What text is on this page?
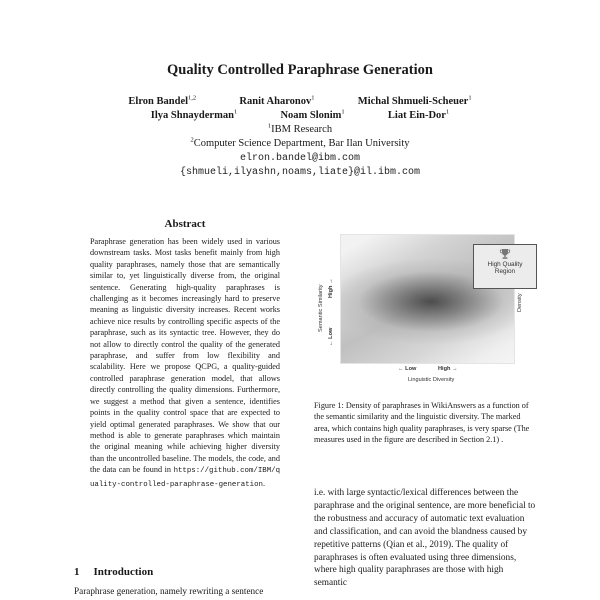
Quality Controlled Paraphrase Generation
Elron Bandel$^{1,2}$	Ranit Aharonov$^1$	Michal Shmueli-Scheuer$^1$
Ilya Shnayderman$^1$	Noam Slonim$^1$	Liat Ein-Dor$^1$
$^1$IBM Research
$^2$Computer Science Department, Bar Ilan University
elron.bandel@ibm.com
{shmueli,ilyashn,noams,liate}@il.ibm.com
Abstract
Paraphrase generation has been widely used in various downstream tasks. Most tasks benefit mainly from high quality paraphrases, namely those that are semantically similar to, yet linguistically diverse from, the original sentence. Generating high-quality paraphrases is challenging as it becomes increasingly hard to preserve meaning as linguistic diversity increases. Recent works achieve nice results by controlling specific aspects of the paraphrase, such as its syntactic tree. However, they do not allow to directly control the quality of the generated paraphrase, and suffer from low flexibility and scalability. Here we propose QCPG, a quality-guided controlled paraphrase generation model, that allows directly controlling the quality dimensions. Furthermore, we suggest a method that given a sentence, identifies points in the quality control space that are expected to yield optimal generated paraphrases. We show that our method is able to generate paraphrases which maintain the original meaning while achieving higher diversity than the uncontrolled baseline. The models, the code, and the data can be found in https://github.com/IBM/quality-controlled-paraphrase-generation.
1 Introduction
Paraphrase generation, namely rewriting a sentence
High Quality
Region
Semantic Similarity
← Low
High →
← Low	High →
Linguistic Diversity
Density
Figure 1: Density of paraphrases in WikiAnswers as a function of the semantic similarity and the linguistic diversity. The marked area, which contains high quality paraphrases, is very sparse (The measures used in the figure are described in Section 2.1) .
i.e. with large syntactic/lexical differences between the paraphrase and the original sentence, are more beneficial to the robustness and accuracy of automatic text evaluation and classification, and can avoid the blandness caused by repetitive patterns (Qian et al., 2019). The quality of paraphrases is often evaluated using three dimensions, where high quality paraphrases are those with high semantic
